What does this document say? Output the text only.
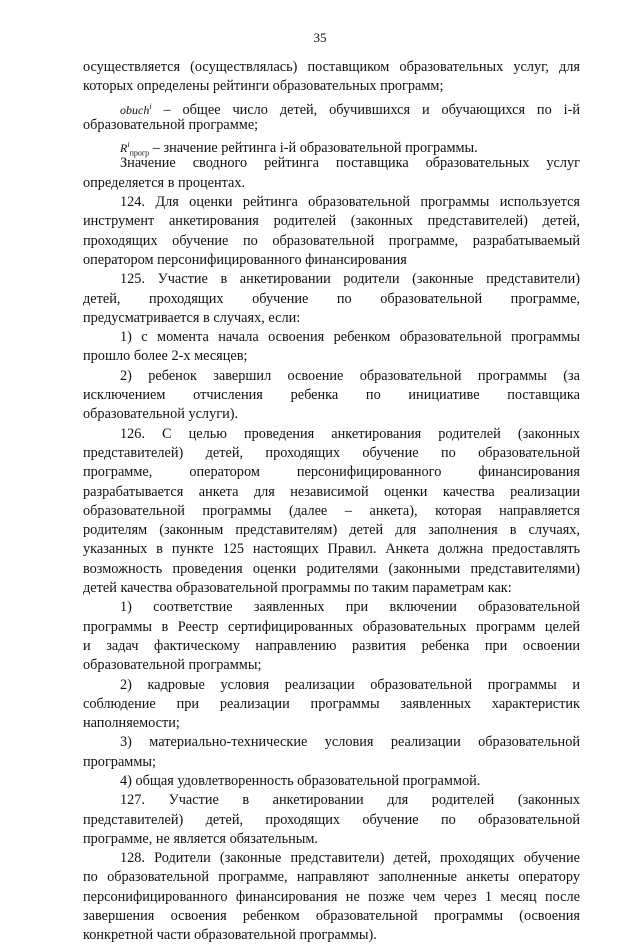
35
осуществляется (осуществлялась) поставщиком образовательных услуг, для
которых определены рейтинги образовательных программ;
obuch$^i$ – общее число детей, обучившихся и обучающихся по i-й
образовательной программе;
$R^i_{прогр}$ – значение рейтинга i-й образовательной программы.
Значение сводного рейтинга поставщика образовательных услуг
определяется в процентах.
124. Для оценки рейтинга образовательной программы используется
инструмент анкетирования родителей (законных представителей) детей,
проходящих обучение по образовательной программе, разрабатываемый
оператором персонифицированного финансирования
125. Участие в анкетировании родители (законные представители)
детей, проходящих обучение по образовательной программе,
предусматривается в случаях, если:
1) с момента начала освоения ребенком образовательной программы
прошло более 2-х месяцев;
2) ребенок завершил освоение образовательной программы (за
исключением отчисления ребенка по инициативе поставщика
образовательной услуги).
126. С целью проведения анкетирования родителей (законных
представителей) детей, проходящих обучение по образовательной
программе, оператором персонифицированного финансирования
разрабатывается анкета для независимой оценки качества реализации
образовательной программы (далее – анкета), которая направляется
родителям (законным представителям) детей для заполнения в случаях,
указанных в пункте 125 настоящих Правил. Анкета должна предоставлять
возможность проведения оценки родителями (законными представителями)
детей качества образовательной программы по таким параметрам как:
1) соответствие заявленных при включении образовательной
программы в Реестр сертифицированных образовательных программ целей
и задач фактическому направлению развития ребенка при освоении
образовательной программы;
2) кадровые условия реализации образовательной программы и
соблюдение при реализации программы заявленных характеристик
наполняемости;
3) материально-технические условия реализации образовательной
программы;
4) общая удовлетворенность образовательной программой.
127. Участие в анкетировании для родителей (законных
представителей) детей, проходящих обучение по образовательной
программе, не является обязательным.
128. Родители (законные представители) детей, проходящих обучение
по образовательной программе, направляют заполненные анкеты оператору
персонифицированного финансирования не позже чем через 1 месяц после
завершения освоения ребенком образовательной программы (освоения
конкретной части образовательной программы).
